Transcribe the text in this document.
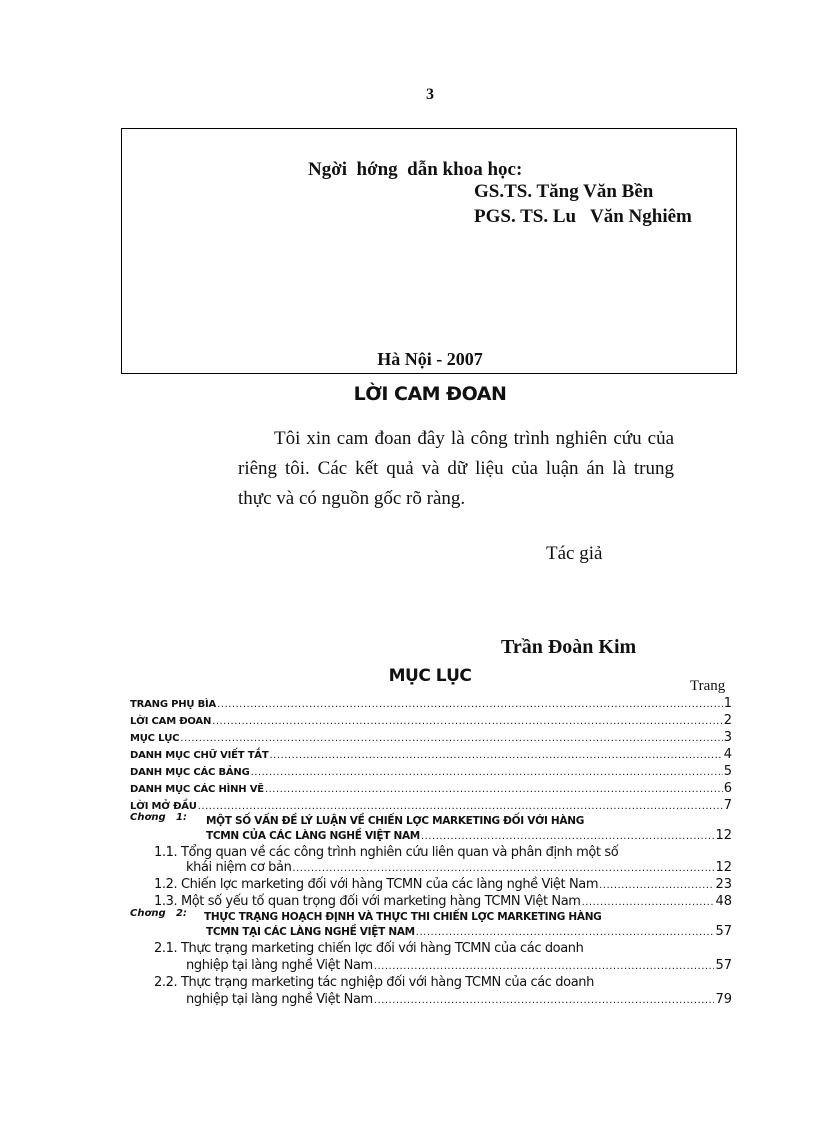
3
Ngời  hớng  dẫn khoa học:
GS.TS. Tăng Văn Bền
PGS. TS. Lu   Văn Nghiêm
Hà Nội - 2007
LỜI CAM ĐOAN
Tôi xin cam đoan đây là công trình nghiên cứu của riêng tôi. Các kết quả và dữ liệu của luận án là trung thực và có nguồn gốc rõ ràng.
Tác giả
Trần Đoàn Kim
MỤC LỤC	Trang
TRANG PHỤ BÌA .....	1
LỜI CAM ĐOAN .....	2
MỤC LỤC .....	3
DANH MỤC CHỮ VIẾT TẮT .....	4
DANH MỤC CÁC BẢNG .....	5
DANH MỤC CÁC HÌNH VẼ .....	6
LỜI MỞ ĐẦU .....	7
Chơng   1: MỘT SỐ VẤN ĐỀ LÝ LUẬN VỀ CHIẾN LỢC MARKETING ĐỐI VỚI HÀNG
TCMN CỦA CÁC LÀNG NGHỀ VIỆT NAM .....	12
1.1. Tổng quan về các công trình nghiên cứu liên quan và phân định một số
khái niệm cơ bản .....	12
1.2. Chiến lợc marketing đối với hàng TCMN của các làng nghề Việt Nam .....	23
1.3. Một số yếu tố quan trọng đối với marketing hàng TCMN Việt Nam .....	48
Chơng   2: THỰC TRẠNG HOẠCH ĐỊNH VÀ THỰC THI CHIẾN LỢC MARKETING HÀNG
TCMN TẠI CÁC LÀNG NGHỀ VIỆT NAM .....	57
2.1. Thực trạng marketing chiến lợc đối với hàng TCMN của các doanh
nghiệp tại làng nghề Việt Nam .....	57
2.2. Thực trạng marketing tác nghiệp đối với hàng TCMN của các doanh
nghiệp tại làng nghề Việt Nam .....	79
